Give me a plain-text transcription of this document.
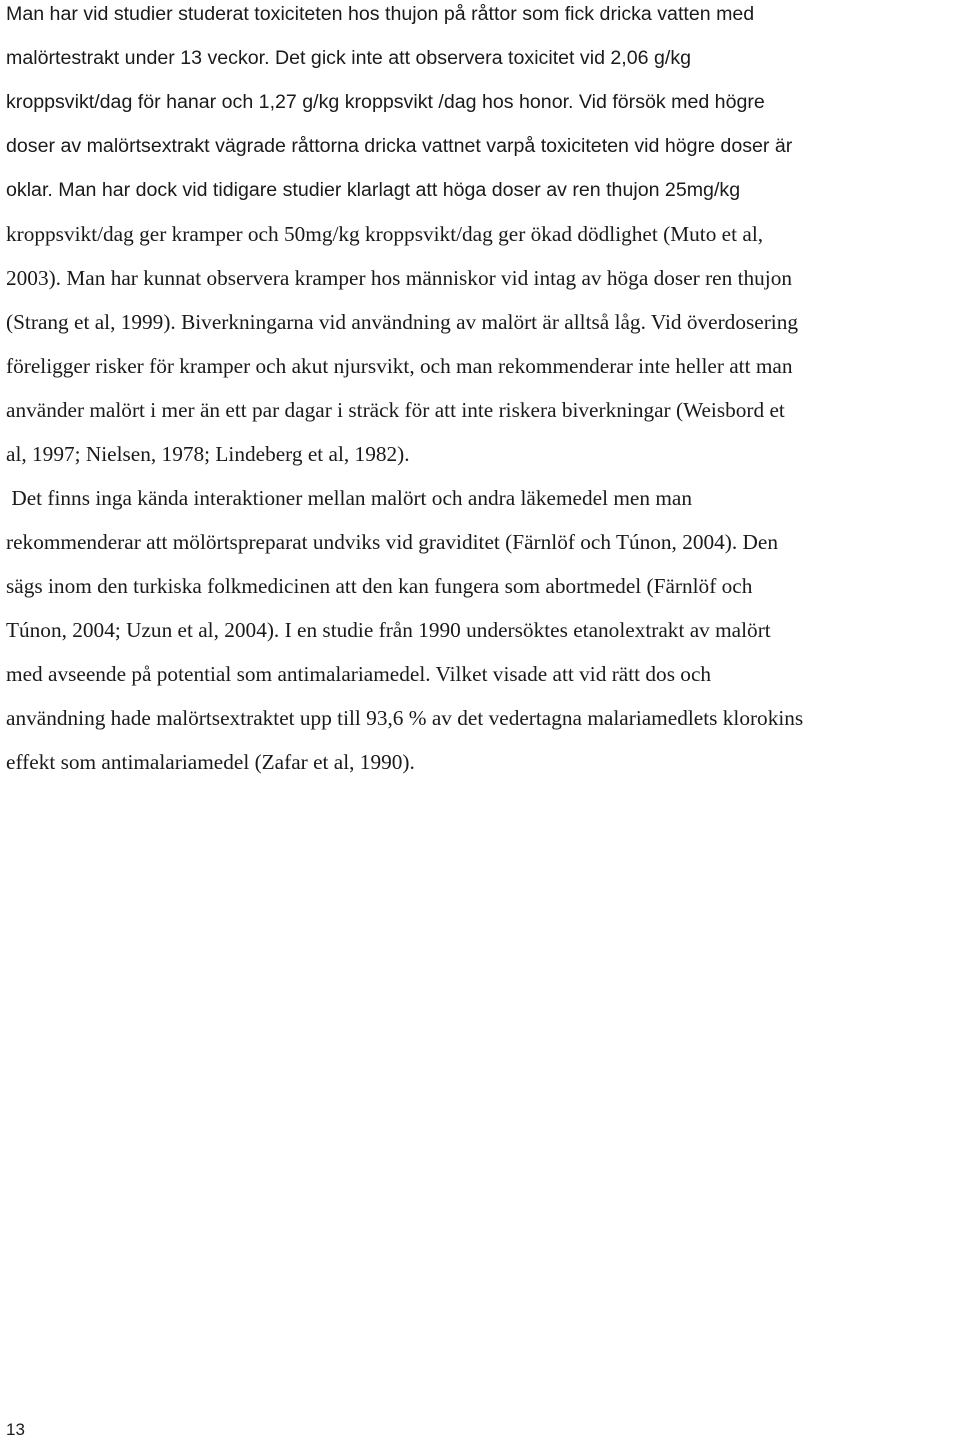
Man har vid studier studerat toxiciteten hos thujon på råttor som fick dricka vatten med
malörtestrakt under 13 veckor. Det gick inte att observera toxicitet vid 2,06 g/kg
kroppsvikt/dag för hanar och 1,27 g/kg kroppsvikt /dag hos honor. Vid försök med högre
doser av malörtsextrakt vägrade råttorna dricka vattnet varpå toxiciteten vid högre doser är
oklar. Man har dock vid tidigare studier klarlagt att höga doser av ren thujon 25mg/kg
kroppsvikt/dag ger kramper och 50mg/kg kroppsvikt/dag ger ökad dödlighet (Muto et al,
2003). Man har kunnat observera kramper hos människor vid intag av höga doser ren thujon
(Strang et al, 1999). Biverkningarna vid användning av malört är alltså låg. Vid överdosering
föreligger risker för kramper och akut njursvikt, och man rekommenderar inte heller att man
använder malört i mer än ett par dagar i sträck för att inte riskera biverkningar (Weisbord et
al, 1997; Nielsen, 1978; Lindeberg et al, 1982).
Det finns inga kända interaktioner mellan malört och andra läkemedel men man
rekommenderar att mölörtspreparat undviks vid graviditet (Färnlöf och Túnon, 2004). Den
sägs inom den turkiska folkmedicinen att den kan fungera som abortmedel (Färnlöf och
Túnon, 2004; Uzun et al, 2004). I en studie från 1990 undersöktes etanolextrakt av malört
med avseende på potential som antimalariamedel. Vilket visade att vid rätt dos och
användning hade malörtsextraktet upp till 93,6 % av det vedertagna malariamedlets klorokins
effekt som antimalariamedel (Zafar et al, 1990).
13
